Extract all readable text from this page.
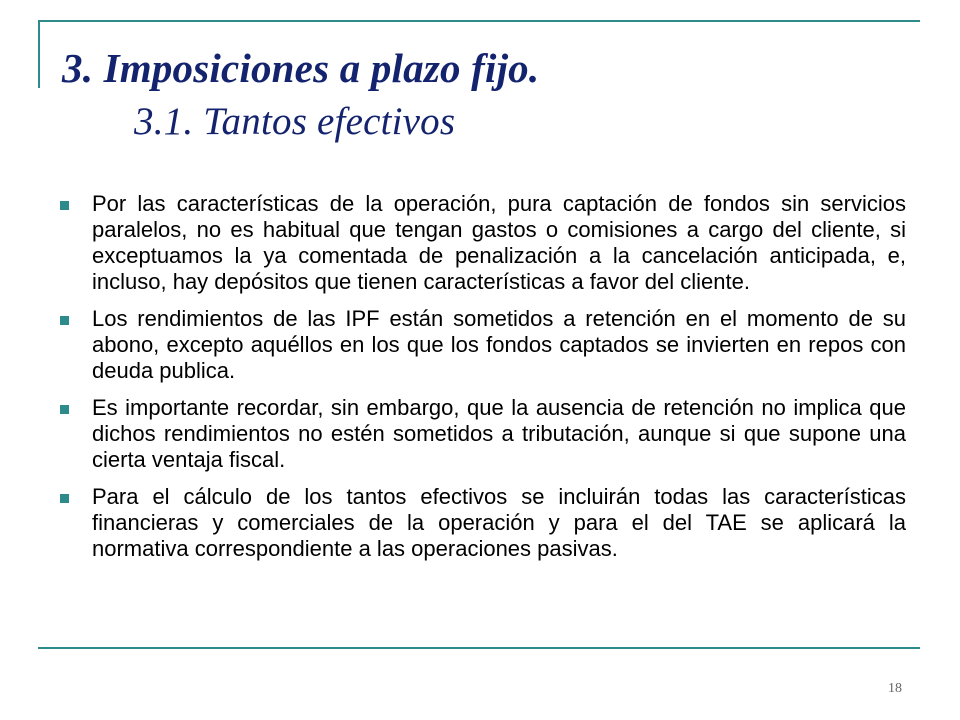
3. Imposiciones a plazo fijo.
3.1. Tantos efectivos
Por las características de la operación, pura captación de fondos sin servicios paralelos, no es habitual que tengan gastos o comisiones a cargo del cliente, si exceptuamos la ya comentada de penalización a la cancelación anticipada, e, incluso, hay depósitos que tienen características a favor del cliente.
Los rendimientos de las IPF están sometidos a retención en el momento de su abono, excepto aquéllos en los que los fondos captados se invierten en repos con deuda publica.
Es importante recordar, sin embargo, que la ausencia de retención no implica que dichos rendimientos no estén sometidos a tributación, aunque si que supone una cierta ventaja fiscal.
Para el cálculo de los tantos efectivos se incluirán todas las características financieras y comerciales de la operación y para el del TAE se aplicará la normativa correspondiente a las operaciones pasivas.
18
